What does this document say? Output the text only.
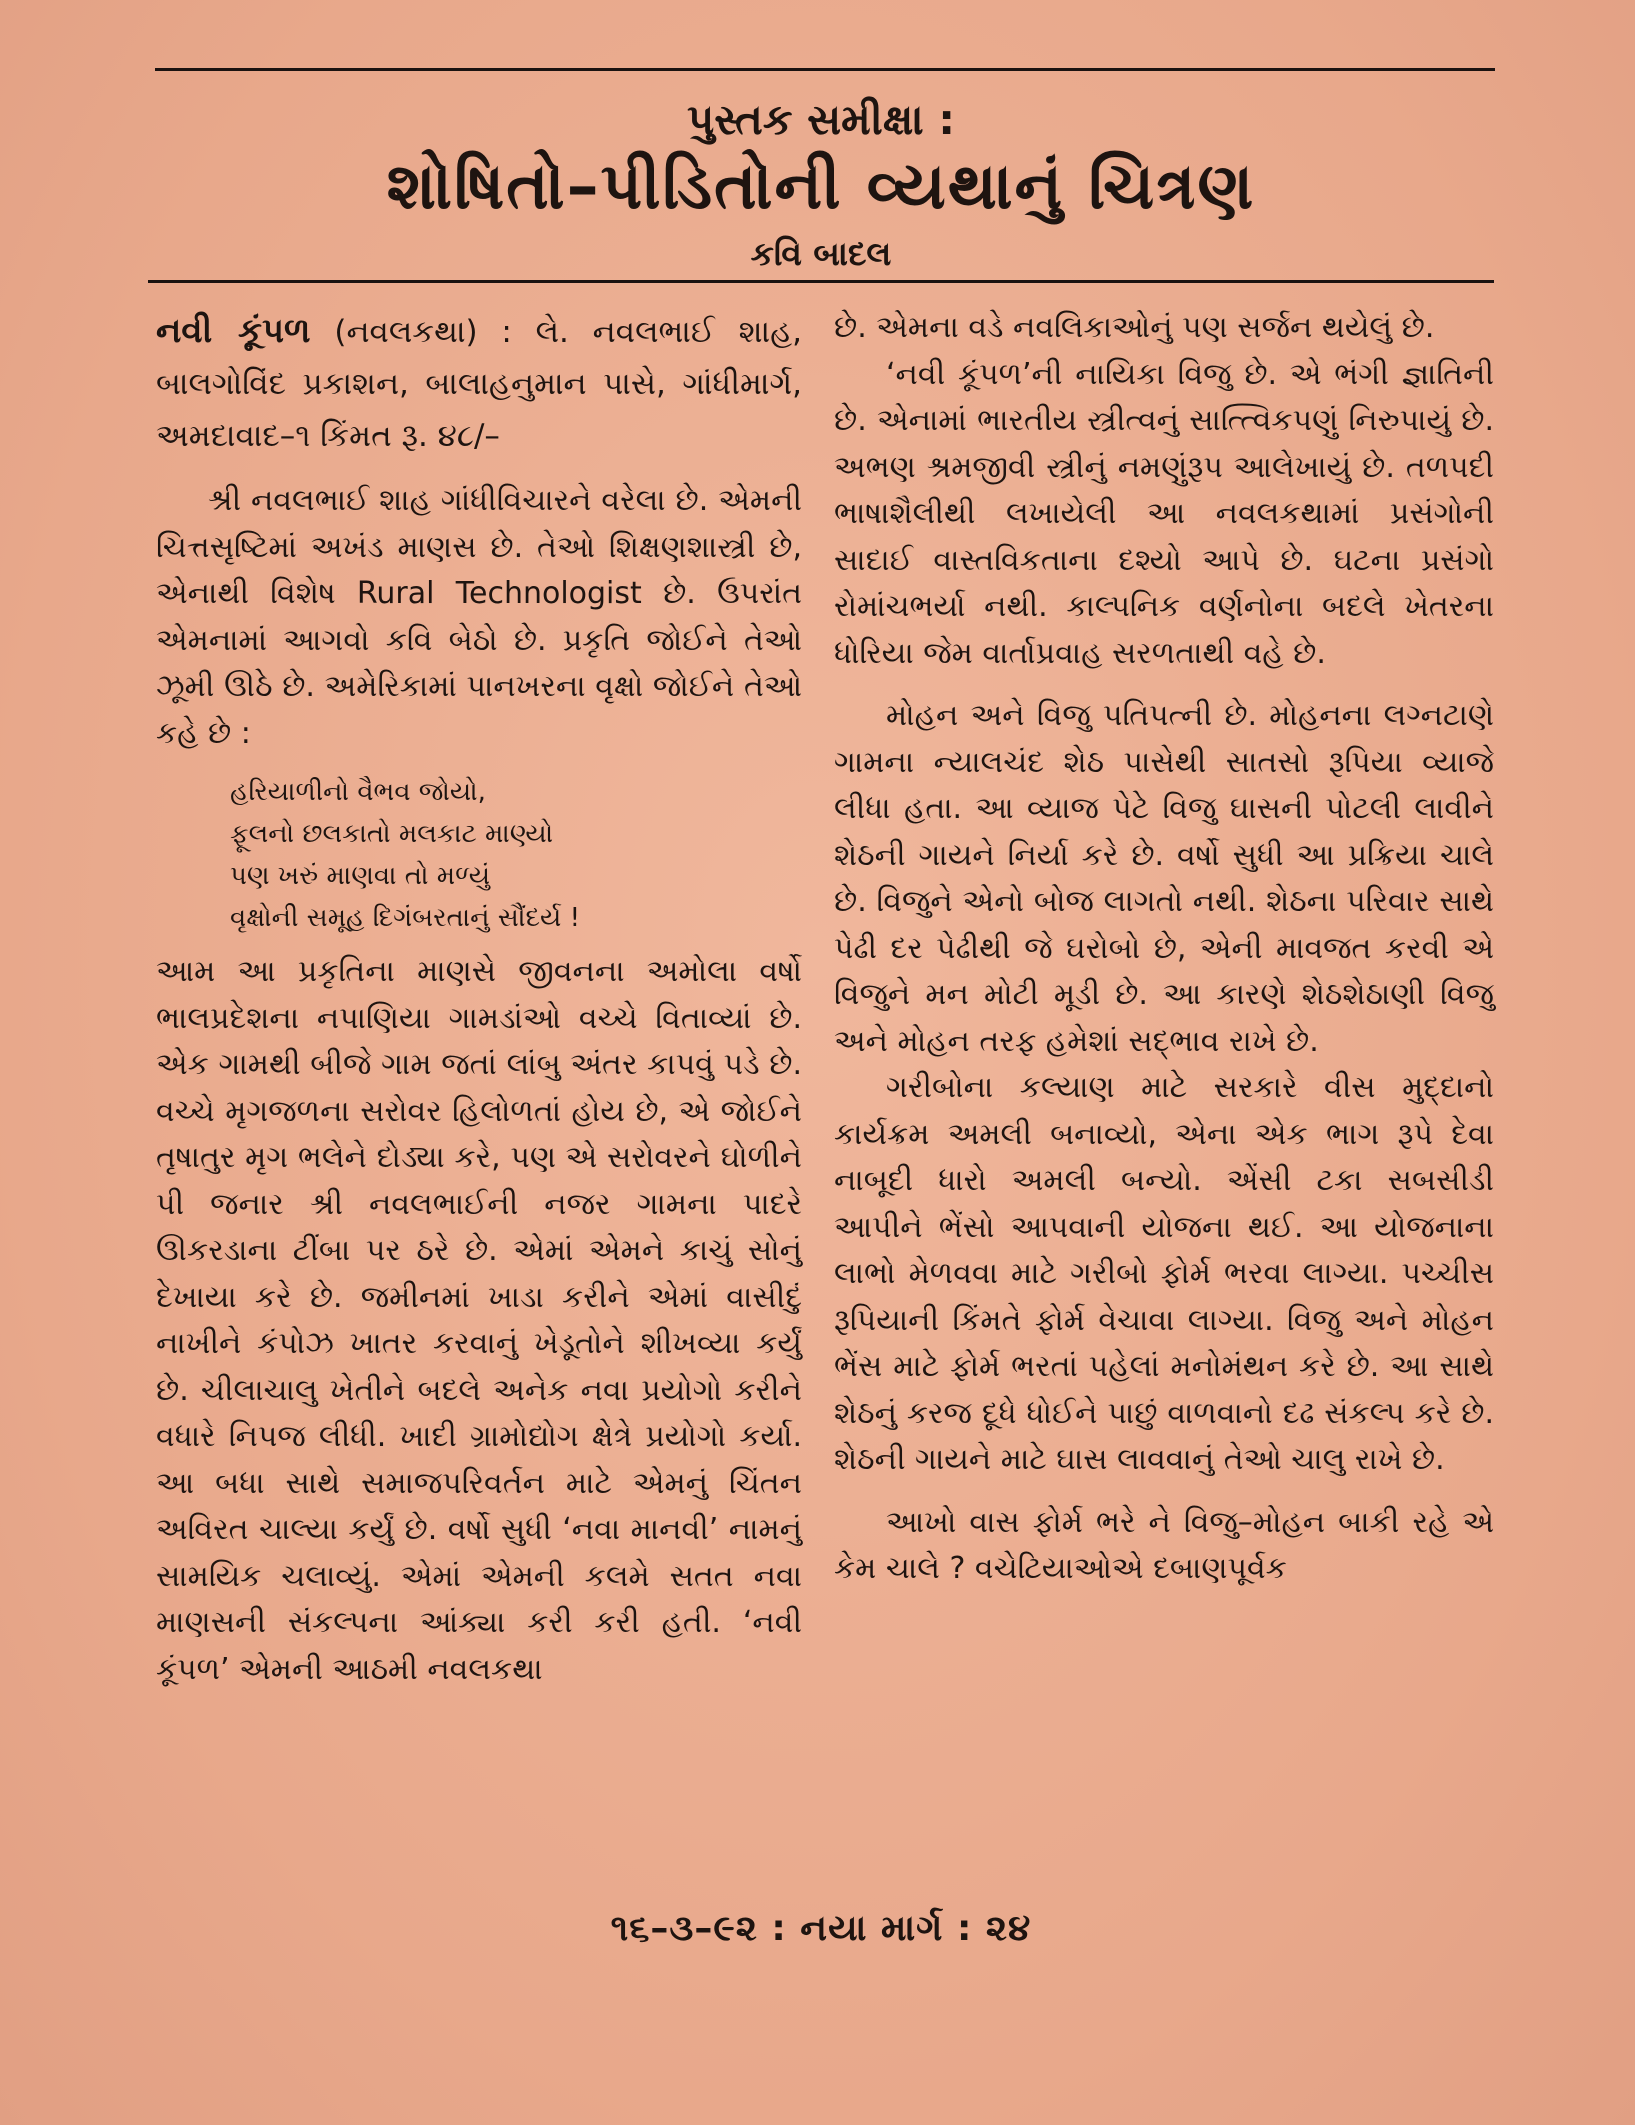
પુસ્તક સમીક્ષા :
શોષિતો–પીડિતોની વ્યથાનું ચિત્રણ
કવિ બાદલ

નવી કૂંપળ (નવલકથા) : લે. નવલભાઈ શાહ, બાલગોવિંદ પ્રકાશન, બાલાહનુમાન પાસે, ગાંધીમાર્ગ, અમદાવાદ–૧ કિંમત રૂ. ૪૮/–

શ્રી નવલભાઈ શાહ ગાંધીવિચારને વરેલા છે. એમની ચિત્તસૃષ્ટિમાં અખંડ માણસ છે. તેઓ શિક્ષણશાસ્ત્રી છે, એનાથી વિશેષ Rural Technologist છે. ઉપરાંત એમનામાં આગવો કવિ બેઠો છે. પ્રકૃતિ જોઈને તેઓ ઝૂમી ઊઠે છે. અમેરિકામાં પાનખરના વૃક્ષો જોઈને તેઓ કહે છે :

હરિયાળીનો વૈભવ જોયો,
ફૂલનો છલકાતો મલકાટ માણ્યો
પણ ખરું માણવા તો મળ્યું
વૃક્ષોની સમૂહ દિગંબરતાનું સૌંદર્ય !

આમ આ પ્રકૃતિના માણસે જીવનના અમોલા વર્ષો ભાલપ્રદેશના નપાણિયા ગામડાંઓ વચ્ચે વિતાવ્યાં છે. એક ગામથી બીજે ગામ જતાં લાંબુ અંતર કાપવું પડે છે. વચ્ચે મૃગજળના સરોવર હિલોળતાં હોય છે, એ જોઈને તૃષાતુર મૃગ ભલેને દોડ્યા કરે, પણ એ સરોવરને ઘોળીને પી જનાર શ્રી નવલભાઈની નજર ગામના પાદરે ઊકરડાના ટીંબા પર ઠરે છે. એમાં એમને કાચું સોનું દેખાયા કરે છે. જમીનમાં ખાડા કરીને એમાં વાસીદું નાખીને કંપોઝ ખાતર કરવાનું ખેડૂતોને શીખવ્યા કર્યું છે. ચીલાચાલુ ખેતીને બદલે અનેક નવા પ્રયોગો કરીને વધારે નિપજ લીધી. ખાદી ગ્રામોદ્યોગ ક્ષેત્રે પ્રયોગો કર્યા. આ બધા સાથે સમાજપરિવર્તન માટે એમનું ચિંતન અવિરત ચાલ્યા કર્યું છે. વર્ષો સુધી ‘નવા માનવી’ નામનું સામયિક ચલાવ્યું. એમાં એમની કલમે સતત નવા માણસની સંકલ્પના આંક્યા કરી કરી હતી. ‘નવી કૂંપળ’ એમની આઠમી નવલકથા

છે. એમના વડે નવલિકાઓનું પણ સર્જન થયેલું છે.

‘નવી કૂંપળ’ની નાયિકા વિજુ છે. એ ભંગી જ્ઞાતિની છે. એનામાં ભારતીય સ્ત્રીત્વનું સાત્ત્વિકપણું નિરુપાયું છે. અભણ શ્રમજીવી સ્ત્રીનું નમણુંરૂપ આલેખાયું છે. તળપદી ભાષાશૈલીથી લખાયેલી આ નવલકથામાં પ્રસંગોની સાદાઈ વાસ્તવિકતાના દશ્યો આપે છે. ઘટના પ્રસંગો રોમાંચભર્યા નથી. કાલ્પનિક વર્ણનોના બદલે ખેતરના ધોરિયા જેમ વાર્તાપ્રવાહ સરળતાથી વહે છે.

મોહન અને વિજુ પતિપત્ની છે. મોહનના લગ્નટાણે ગામના ન્યાલચંદ શેઠ પાસેથી સાતસો રૂપિયા વ્યાજે લીધા હતા. આ વ્યાજ પેટે વિજુ ઘાસની પોટલી લાવીને શેઠની ગાયને નિર્યા કરે છે. વર્ષો સુધી આ પ્રક્રિયા ચાલે છે. વિજુને એનો બોજ લાગતો નથી. શેઠના પરિવાર સાથે પેઢી દર પેઢીથી જે ઘરોબો છે, એની માવજત કરવી એ વિજુને મન મોટી મૂડી છે. આ કારણે શેઠશેઠાણી વિજુ અને મોહન તરફ હમેશાં સદ્ભાવ રાખે છે.

ગરીબોના કલ્યાણ માટે સરકારે વીસ મુદ્દાનો કાર્યક્રમ અમલી બનાવ્યો, એના એક ભાગ રૂપે દેવા નાબૂદી ધારો અમલી બન્યો. એંસી ટકા સબસીડી આપીને ભેંસો આપવાની યોજના થઈ. આ યોજનાના લાભો મેળવવા માટે ગરીબો ફોર્મ ભરવા લાગ્યા. પચ્ચીસ રૂપિયાની કિંમતે ફોર્મ વેચાવા લાગ્યા. વિજુ અને મોહન ભેંસ માટે ફોર્મ ભરતાં પહેલાં મનોમંથન કરે છે. આ સાથે શેઠનું કરજ દૂધે ધોઈને પાછું વાળવાનો દઢ સંકલ્પ કરે છે. શેઠની ગાયને માટે ઘાસ લાવવાનું તેઓ ચાલુ રાખે છે.

આખો વાસ ફોર્મ ભરે ને વિજુ–મોહન બાકી રહે એ કેમ ચાલે ? વચેટિયાઓએ દબાણપૂર્વક

૧૬–૩–૯૨ : નયા માર્ગ : ૨૪
